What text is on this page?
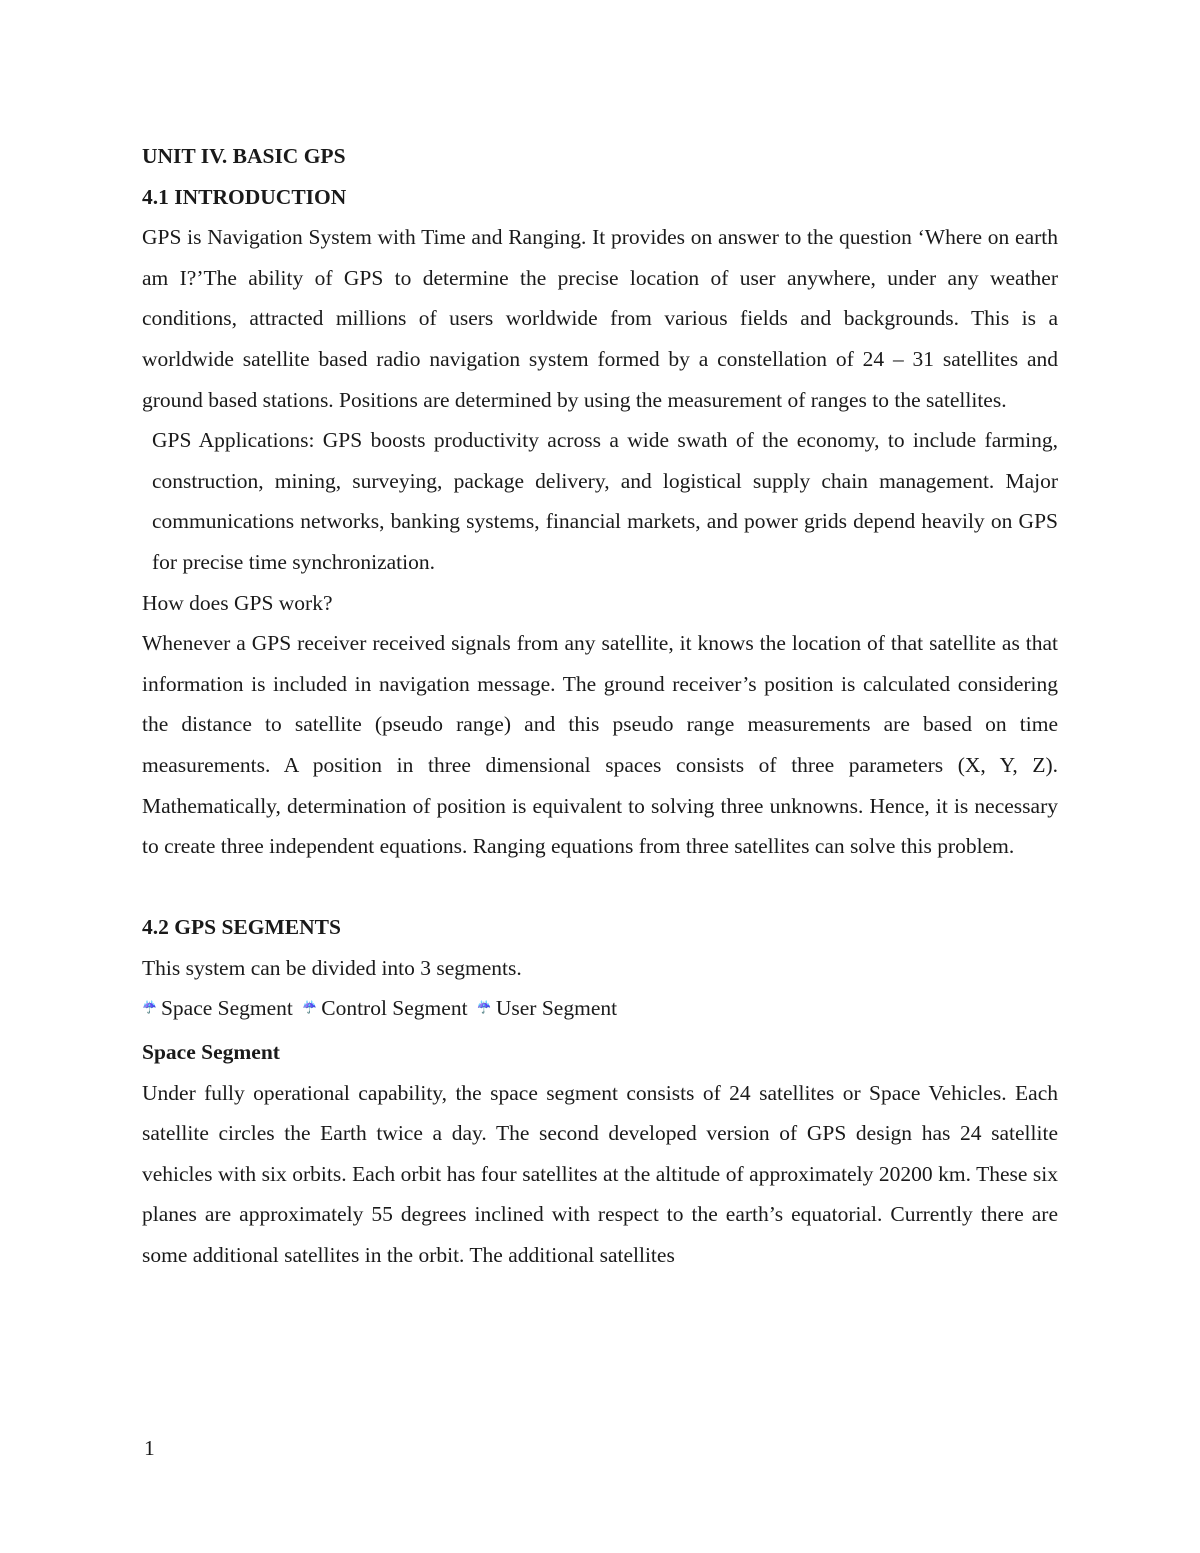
UNIT IV. BASIC GPS

4.1 INTRODUCTION

GPS is Navigation System with Time and Ranging. It provides on answer to the question ‘Where on earth am I?’The ability of GPS to determine the precise location of user anywhere, under any weather conditions, attracted millions of users worldwide from various fields and backgrounds. This is a worldwide satellite based radio navigation system formed by a constellation of 24 – 31 satellites and ground based stations. Positions are determined by using the measurement of ranges to the satellites.

GPS Applications: GPS boosts productivity across a wide swath of the economy, to include farming, construction, mining, surveying, package delivery, and logistical supply chain management. Major communications networks, banking systems, financial markets, and power grids depend heavily on GPS for precise time synchronization.

How does GPS work?

Whenever a GPS receiver received signals from any satellite, it knows the location of that satellite as that information is included in navigation message. The ground receiver’s position is calculated considering the distance to satellite (pseudo range) and this pseudo range measurements are based on time measurements. A position in three dimensional spaces consists of three parameters (X, Y, Z). Mathematically, determination of position is equivalent to solving three unknowns. Hence, it is necessary to create three independent equations. Ranging equations from three satellites can solve this problem.

4.2 GPS SEGMENTS

This system can be divided into 3 segments.

☔ Space Segment ☔ Control Segment ☔ User Segment

Space Segment

Under fully operational capability, the space segment consists of 24 satellites or Space Vehicles. Each satellite circles the Earth twice a day. The second developed version of GPS design has 24 satellite vehicles with six orbits. Each orbit has four satellites at the altitude of approximately 20200 km. These six planes are approximately 55 degrees inclined with respect to the earth’s equatorial. Currently there are some additional satellites in the orbit. The additional satellites

1
